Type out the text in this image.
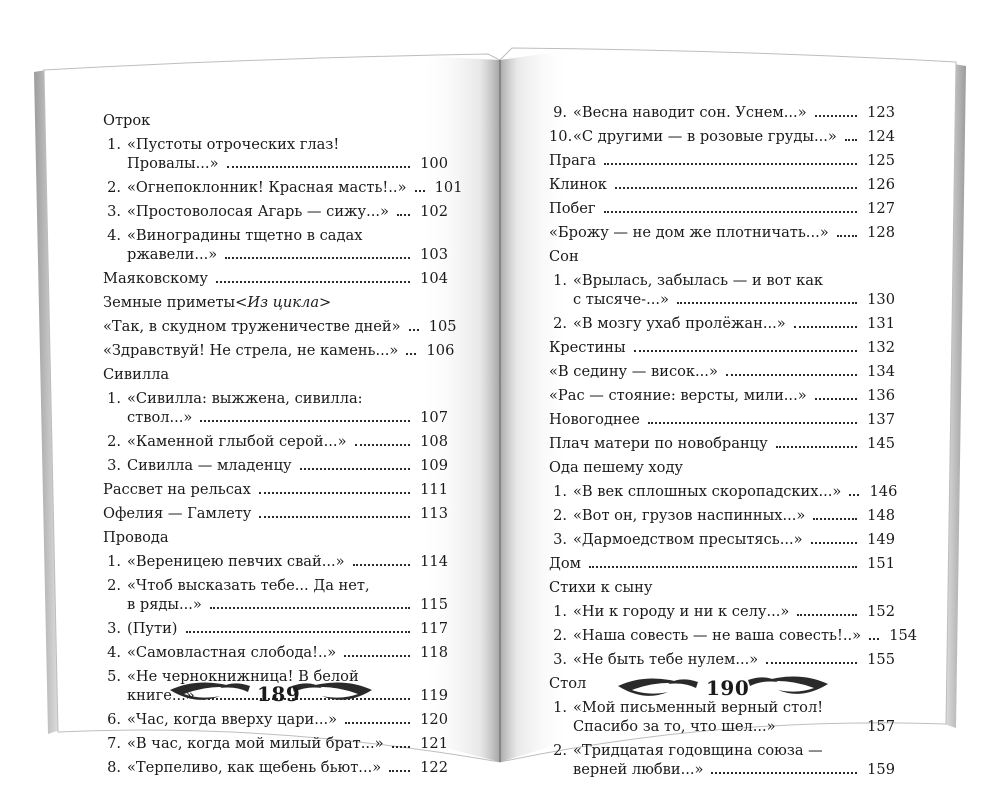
Отрок
1. «Пустоты отроческих глаз!
Провалы...»	100
2. «Огнепоклонник! Красная масть!..» 101
3. «Простоволосая Агарь — сижу...» 102
4. «Виноградины тщетно в садах
ржавели...»	103
Маяковскому	104
Земные приметы <Из цикла>
«Так, в скудном труженичестве дней» 105
«Здравствуй! Не стрела, не камень...» 106
Сивилла
1. «Сивилла: выжжена, сивилла:
ствол...»	107
2. «Каменной глыбой серой...»	108
3. Сивилла — младенцу	109
Рассвет на рельсах	111
Офелия — Гамлету	113
Провода
1. «Вереницею певчих свай...»	114
2. «Чтоб высказать тебе... Да нет,
в ряды...»	115
3. (Пути)	117
4. «Самовластная слобода!..»	118
5. «Не чернокнижница! В белой
книге...»	119
6. «Час, когда вверху цари...»	120
7. «В час, когда мой милый брат...»	121
8. «Терпеливо, как щебень бьют...»	122
9. «Весна наводит сон. Уснем...»	123
10. «С другими — в розовые груды...» 124
Прага	125
Клинок	126
Побег	127
«Брожу — не дом же плотничать...»	128
Сон
1. «Врылась, забылась — и вот как
с тысяче-...»	130
2. «В мозгу ухаб пролёжан...»	131
Крестины	132
«В седину — висок...»	134
«Рас — стояние: версты, мили...»	136
Новогоднее	137
Плач матери по новобранцу	145
Ода пешему ходу
1. «В век сплошных скоропадских...» 146
2. «Вот он, грузов наспинных...»	148
3. «Дармоедством пресытясь...»	149
Дом	151
Стихи к сыну
1. «Ни к городу и ни к селу...»	152
2. «Наша совесть — не ваша совесть!..» 154
3. «Не быть тебе нулем...»	155
Стол
1. «Мой письменный верный стол!
Спасибо за то, что шел...»	157
2. «Тридцатая годовщина союза —
верней любви...»	159
189	190
